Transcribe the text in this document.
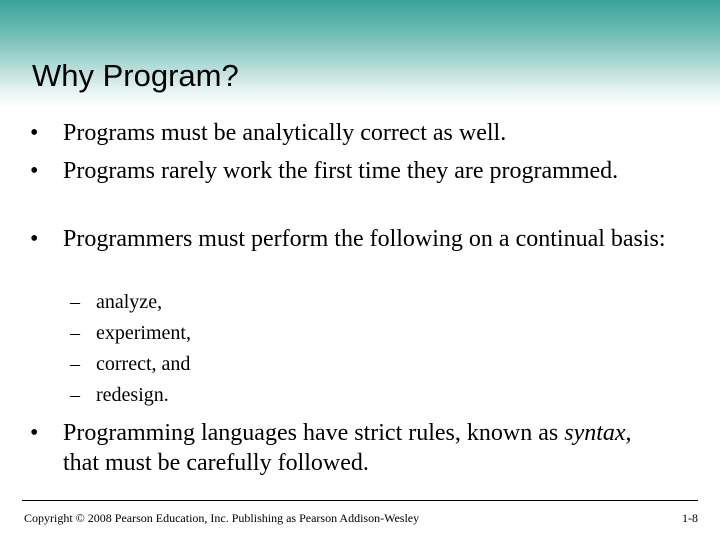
Why Program?
•	Programs must be analytically correct as well.
•	Programs rarely work the first time they are programmed.
•	Programmers must perform the following on a continual basis:
– analyze,
– experiment,
– correct, and
– redesign.
•	Programming languages have strict rules, known as syntax, that must be carefully followed.
Copyright © 2008 Pearson Education, Inc. Publishing as Pearson Addison-Wesley	1-8
